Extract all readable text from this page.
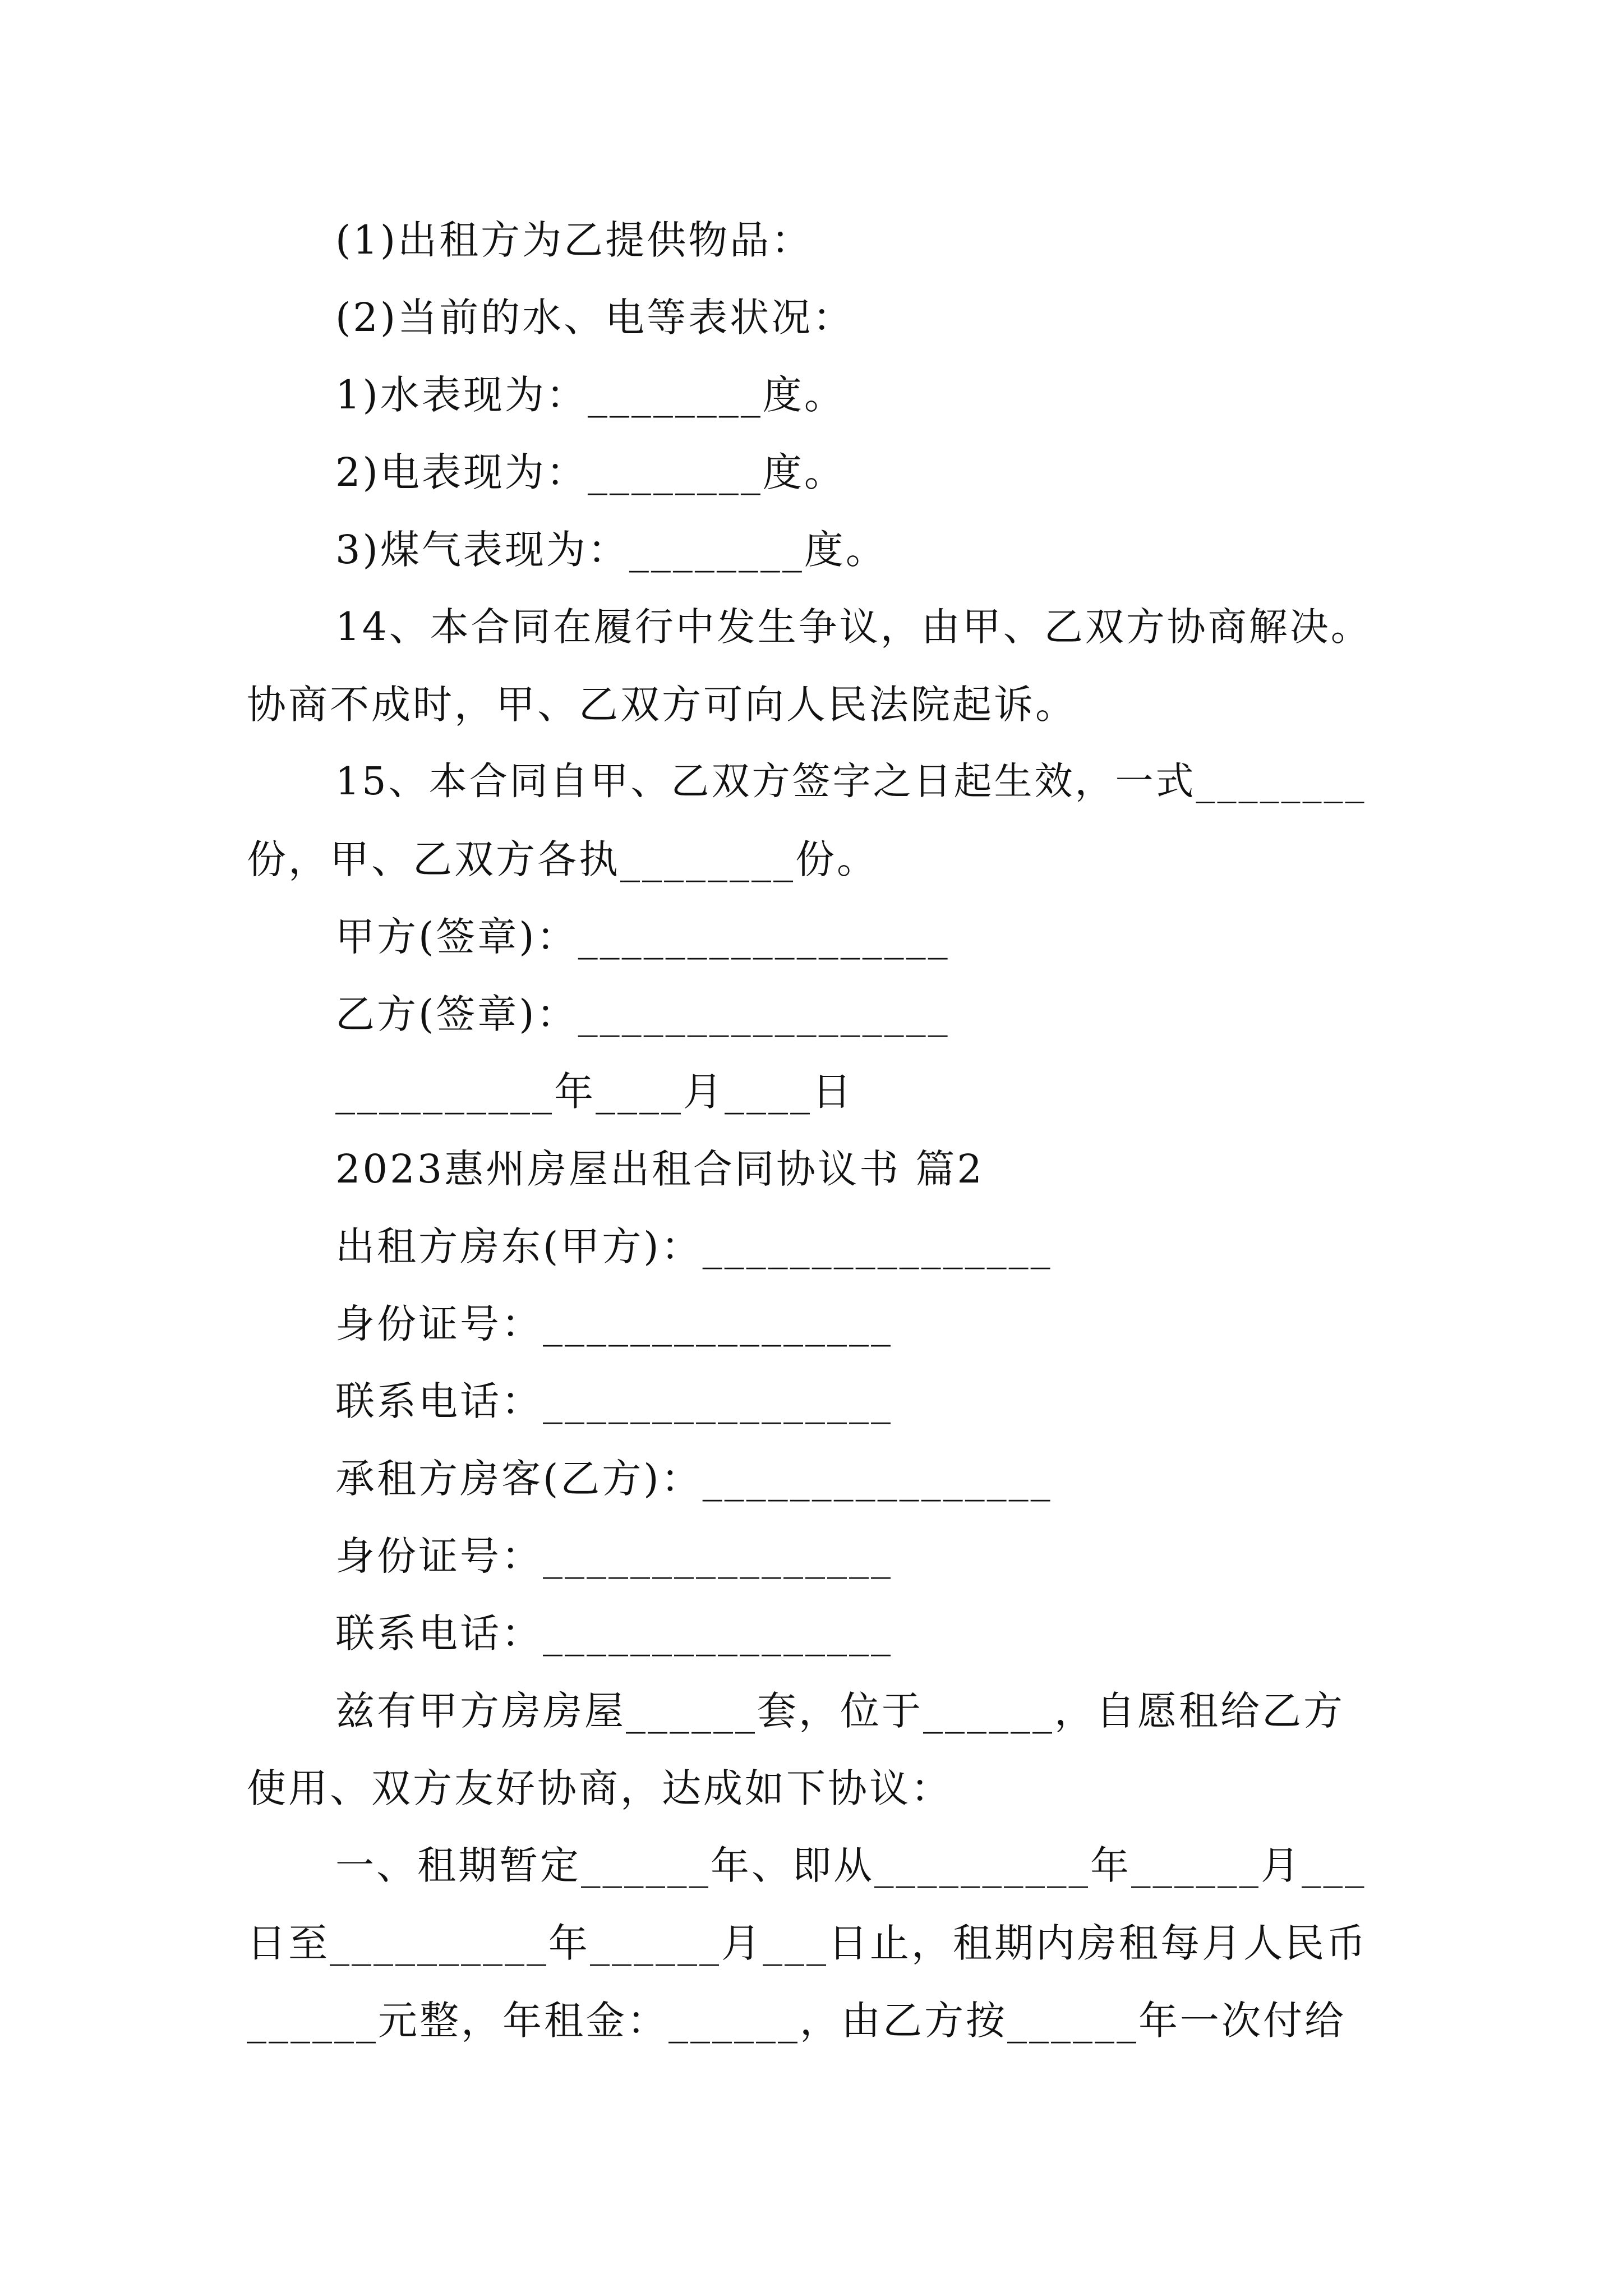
(1)出租方为乙提供物品：
(2)当前的水、电等表状况：
1)水表现为：________度。
2)电表现为：________度。
3)煤气表现为：________度。
14、本合同在履行中发生争议，由甲、乙双方协商解决。
协商不成时，甲、乙双方可向人民法院起诉。
15、本合同自甲、乙双方签字之日起生效，一式________
份，甲、乙双方各执________份。
甲方(签章)：_________________
乙方(签章)：_________________
__________年____月____日
2023惠州房屋出租合同协议书 篇2
出租方房东(甲方)：________________
身份证号：________________
联系电话：________________
承租方房客(乙方)：________________
身份证号：________________
联系电话：________________
兹有甲方房房屋______套，位于______，自愿租给乙方
使用、双方友好协商，达成如下协议：
一、租期暂定______年、即从__________年______月___
日至__________年______月___日止，租期内房租每月人民币
______元整，年租金：______，由乙方按______年一次付给
